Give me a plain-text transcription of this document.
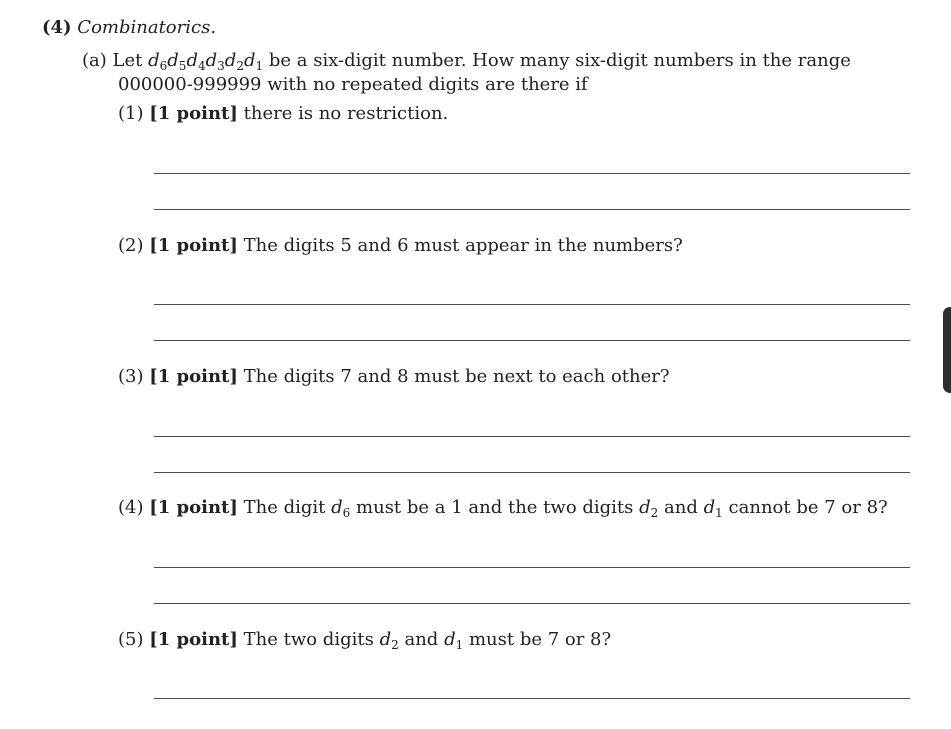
(4) Combinatorics.
(a) Let $d_6d_5d_4d_3d_2d_1$ be a six-digit number. How many six-digit numbers in the range
000000-999999 with no repeated digits are there if
(1) [1 point] there is no restriction.
(2) [1 point] The digits 5 and 6 must appear in the numbers?
(3) [1 point] The digits 7 and 8 must be next to each other?
(4) [1 point] The digit $d_6$ must be a 1 and the two digits $d_2$ and $d_1$ cannot be 7 or 8?
(5) [1 point] The two digits $d_2$ and $d_1$ must be 7 or 8?
